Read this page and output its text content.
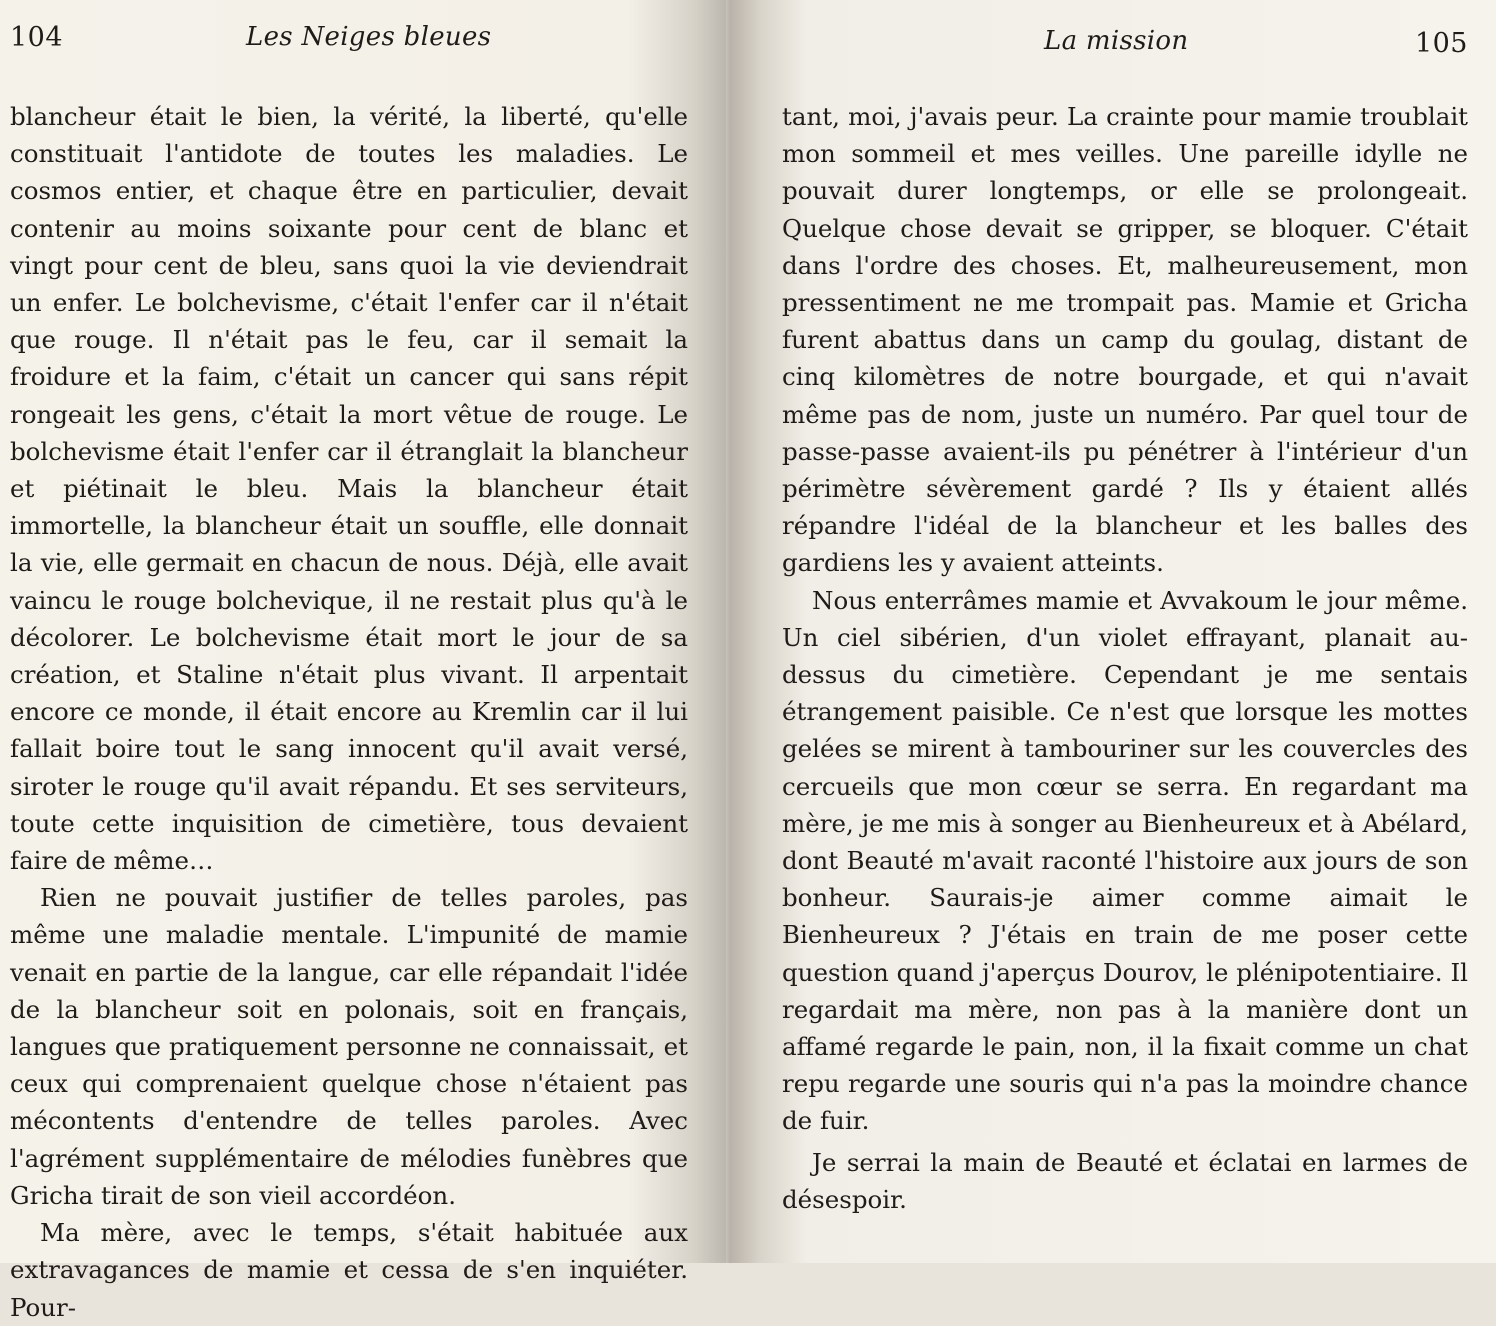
104	Les Neiges bleues

blancheur était le bien, la vérité, la liberté, qu'elle constituait l'antidote de toutes les maladies. Le cosmos entier, et chaque être en particulier, devait contenir au moins soixante pour cent de blanc et vingt pour cent de bleu, sans quoi la vie deviendrait un enfer. Le bolchevisme, c'était l'enfer car il n'était que rouge. Il n'était pas le feu, car il semait la froidure et la faim, c'était un cancer qui sans répit rongeait les gens, c'était la mort vêtue de rouge. Le bolchevisme était l'enfer car il étranglait la blancheur et piétinait le bleu. Mais la blancheur était immortelle, la blancheur était un souffle, elle donnait la vie, elle germait en chacun de nous. Déjà, elle avait vaincu le rouge bolchevique, il ne restait plus qu'à le décolorer. Le bolchevisme était mort le jour de sa création, et Staline n'était plus vivant. Il arpentait encore ce monde, il était encore au Kremlin car il lui fallait boire tout le sang innocent qu'il avait versé, siroter le rouge qu'il avait répandu. Et ses serviteurs, toute cette inquisition de cimetière, tous devaient faire de même…

Rien ne pouvait justifier de telles paroles, pas même une maladie mentale. L'impunité de mamie venait en partie de la langue, car elle répandait l'idée de la blancheur soit en polonais, soit en français, langues que pratiquement personne ne connaissait, et ceux qui comprenaient quelque chose n'étaient pas mécontents d'entendre de telles paroles. Avec l'agrément supplémentaire de mélodies funèbres que Gricha tirait de son vieil accordéon.

Ma mère, avec le temps, s'était habituée aux extravagances de mamie et cessa de s'en inquiéter. Pour-

La mission	105

tant, moi, j'avais peur. La crainte pour mamie troublait mon sommeil et mes veilles. Une pareille idylle ne pouvait durer longtemps, or elle se prolongeait. Quelque chose devait se gripper, se bloquer. C'était dans l'ordre des choses. Et, malheureusement, mon pressentiment ne me trompait pas. Mamie et Gricha furent abattus dans un camp du goulag, distant de cinq kilomètres de notre bourgade, et qui n'avait même pas de nom, juste un numéro. Par quel tour de passe-passe avaient-ils pu pénétrer à l'intérieur d'un périmètre sévèrement gardé ? Ils y étaient allés répandre l'idéal de la blancheur et les balles des gardiens les y avaient atteints.

Nous enterrâmes mamie et Avvakoum le jour même. Un ciel sibérien, d'un violet effrayant, planait au-dessus du cimetière. Cependant je me sentais étrangement paisible. Ce n'est que lorsque les mottes gelées se mirent à tambouriner sur les couvercles des cercueils que mon cœur se serra. En regardant ma mère, je me mis à songer au Bienheureux et à Abélard, dont Beauté m'avait raconté l'histoire aux jours de son bonheur. Saurais-je aimer comme aimait le Bienheureux ? J'étais en train de me poser cette question quand j'aperçus Dourov, le plénipotentiaire. Il regardait ma mère, non pas à la manière dont un affamé regarde le pain, non, il la fixait comme un chat repu regarde une souris qui n'a pas la moindre chance de fuir.

Je serrai la main de Beauté et éclatai en larmes de désespoir.
